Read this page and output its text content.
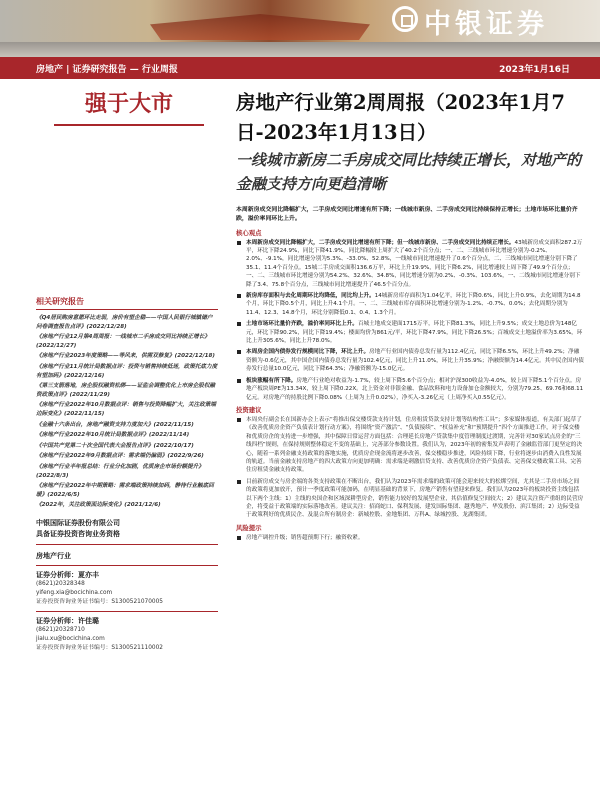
中银证券
房地产 | 证券研究报告 — 行业周报	2023年1月16日
强于大市	房地产行业第2周周报（2023年1月7日-2023年1月13日）
一线城市新房二手房成交同比持续正增长，对地产的金融支持方向更趋清晰
相关研究报告
《Q4居民购房意愿环比走弱，房价有望企稳——中国人民银行城镇储户问卷调查报告点评》(2022/12/28)
《房地产行业12月第4周周报：一线城市二手房成交同比持续正增长》(2022/12/27)
《房地产行业2023年度策略——等风来，供需双修复》(2022/12/18)
《房地产行业11月统计局数据点评：投资与销售持续低迷，政策托底力度有望加码》(2022/12/16)
《第三支箭落地，房企股权融资松绑——证监会调整优化上市房企股权融资政策点评》(2022/11/29)
《房地产行业2022年10月数据点评：销售与投资降幅扩大，关注政策端边际变化》(2022/11/15)
《金融十六条出台，房地产融资支持力度加大》(2022/11/15)
《房地产行业2022年10月统计局数据点评》(2022/11/14)
《中国共产党第二十次全国代表大会报告点评》(2022/10/17)
《房地产行业2022年9月数据点评：需求端仍偏弱》(2022/9/26)
《房地产行业半年报总结：行业分化加剧，优质房企市场份额提升》(2022/8/3)
《房地产行业2022年中期策略：需求端政策持续加码，静待行业触底回暖》(2022/6/5)
《2022年，关注政策面边际变化》(2021/12/6)
中银国际证券股份有限公司
具备证券投资咨询业务资格
房地产行业
证券分析师：夏亦丰
(8621)20328348
yifeng.xia@bocichina.com
证券投资咨询业务证书编号：S1300521070005
证券分析师：许佳璐
(8621)20328710
jialu.xu@bocichina.com
证券投资咨询业务证书编号：S1300521110002
本周新房成交同比降幅扩大，二手房成交同比增速有所下降；一线城市新房、二手房成交同比持续保持正增长；土地市场环比量价齐跌，溢价率同环比上升。
核心观点
本周新房成交同比降幅扩大，二手房成交同比增速有所下降；但一线城市新房、二手房成交同比持续正增长。43城新房成交面积287.2万平，环比下降24.9%，同比下降41.9%，同比降幅较上周扩大了40.2个百分点；一、二、三线城市环比增速分别为-0.2%、2.0%、-9.1%，同比增速分别为5.3%、-33.0%、52.8%，一线城市同比增速提升了0.6个百分点，二、三线城市同比增速分别下降了35.1、11.4个百分点。15城二手房成交面积136.6万平，环比上升19.9%，同比下降6.2%，同比增速较上周下降了49.9个百分点；一、二、三线城市环比增速分别为54.2%、32.6%、34.8%，同比增速分别为0.2%、-0.3%、103.6%，一、二线城市同比增速分别下降了3.4、75.8个百分点，三线城市同比增速提升了46.5个百分点。
新房库存面积与去化周期环比均降低，同比均上升。14城新房库存面积为1.04亿平，环比下降0.6%，同比上升0.9%，去化周期为14.8个月，环比下降0.5个月，同比上升4.1个月。一、二、三线城市库存面积环比增速分别为-1.2%、-0.7%、0.0%；去化周期分别为11.4、12.3、14.8个月，环比分别降低0.1、0.4、1.3个月。
土地市场环比量价齐跌，溢价率同环比上升。百城土地成交建面1715万平，环比下降81.3%，同比上升9.5%；成交土地总价为148亿元，环比下降90.2%，同比下降19.4%；楼面均价为861元/平，环比下降47.9%，同比下降26.5%；百城成交土地溢价率为3.65%，环比上升305.6%，同比上升78.0%。
本周房企国内债券发行规模同比下降，环比上升。房地产行业国内债券总发行量为112.4亿元，同比下降6.5%，环比上升49.2%；净融资额为-0.6亿元，其中国企国内债券总发行量为102.4亿元，同比上升11.0%，环比上升35.9%；净融资额为14.4亿元。其中民企国内债券发行总量10.0亿元，同比下降64.3%；净融资额为-15.0亿元。
板块涨幅有所下降。房地产行业绝对收益为-1.7%，较上周下降5.6个百分点；相对沪深300收益为-4.0%，较上周下降5.1个百分点。房地产板块周PE为13.34X，较上周下降0.22X。北上资金对非银金融、食品饮料和电力设备加仓金额较大，分别为79.25、69.76和68.11亿元。对房地产的持股比例下降0.08%（上周为上升0.02%），净买入-3.26亿元（上周净买入0.55亿元）。
投资建议
本周央行副会长在国新办会上表示“将推出保交楼贷款支持计划，住房租赁贷款支持计划等结构性工具”；多家媒体报道，有关部门起草了《改善优质房企资产负债表计划行动方案》，将围绕“资产激活”、“负债接续”、“权益补充”和“预期提升”四个方面推进工作，对于保交楼和优质房企的支持进一步增强，其中保障日常运营方面包括：合理延长房地产贷款集中度管理制度过渡期，完善针对30家试点房企的“三线四档”规则，在保持规则整体稳定不变的基础上，完善部分参数设置。我们认为，2023年初的密集发声表明了金融监管部门更坚定的决心，随着一系列金融支持政策的落地实施，优质房企现金流将逐步改善，保交楼稳步推进，风险持续下降，行业将逐步由消费入良性发展的轨道。当前金融支持房地产的四大政策方向更加明确：需求端是刺激信贷支持、改善优质房企资产负债表、完善保交楼政策工具、完善住房租赁金融支持政策。
目前新房成交与房企端的各类支持政策在不断出台，我们认为2023年需求端的政策可能会迎来较大的松绑空间，尤其是二手房市场之间的政策将更加放开，预计一季度政策可能加码，在明显基础的背景下，房地产销售有望迎来修复。我们认为2023年的板块投资主线包括以下两个主线：1）主线的央国企和区域深耕型房企，销售能力较好的发展型企业，其估值修复空间较大；2）建议关注资产重组的民营房企，将受益于政策端的实际落地改善。建议关注：招商蛇口、保利发展、建发国际集团、越秀地产、华发股份、滨江集团；2）边际受益于政策利好的优质民企、及混合所有制房企：新城控股、金地集团、万科A、绿城控股、龙湖集团。
风险提示
房地产调控升级；销售超预期下行；融资收紧。
